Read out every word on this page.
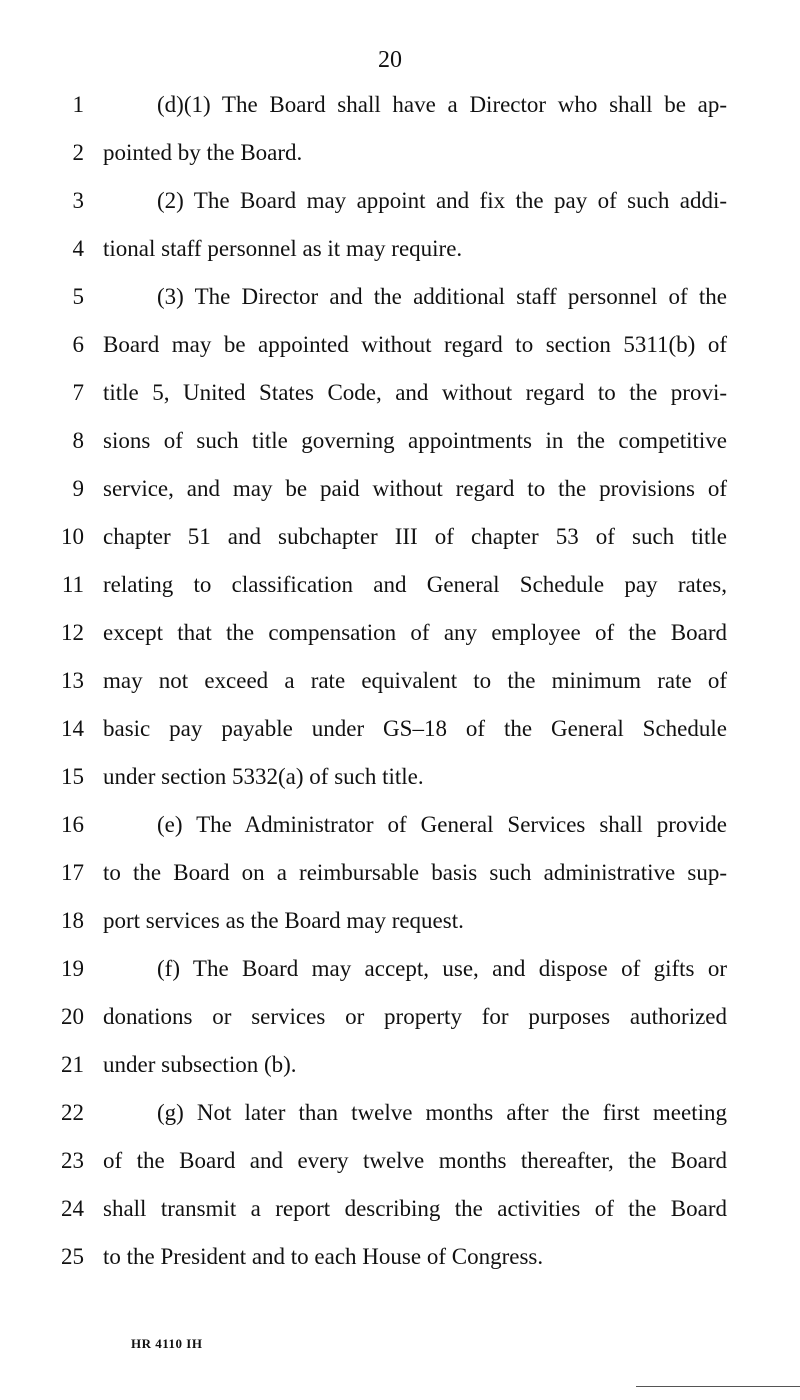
20
1	(d)(1) The Board shall have a Director who shall be ap-
2 pointed by the Board.
3	(2) The Board may appoint and fix the pay of such addi-
4 tional staff personnel as it may require.
5	(3) The Director and the additional staff personnel of the
6 Board may be appointed without regard to section 5311(b) of
7 title 5, United States Code, and without regard to the provi-
8 sions of such title governing appointments in the competitive
9 service, and may be paid without regard to the provisions of
10 chapter 51 and subchapter III of chapter 53 of such title
11 relating to classification and General Schedule pay rates,
12 except that the compensation of any employee of the Board
13 may not exceed a rate equivalent to the minimum rate of
14 basic pay payable under GS–18 of the General Schedule
15 under section 5332(a) of such title.
16	(e) The Administrator of General Services shall provide
17 to the Board on a reimbursable basis such administrative sup-
18 port services as the Board may request.
19	(f) The Board may accept, use, and dispose of gifts or
20 donations or services or property for purposes authorized
21 under subsection (b).
22	(g) Not later than twelve months after the first meeting
23 of the Board and every twelve months thereafter, the Board
24 shall transmit a report describing the activities of the Board
25 to the President and to each House of Congress.
HR 4110 IH
